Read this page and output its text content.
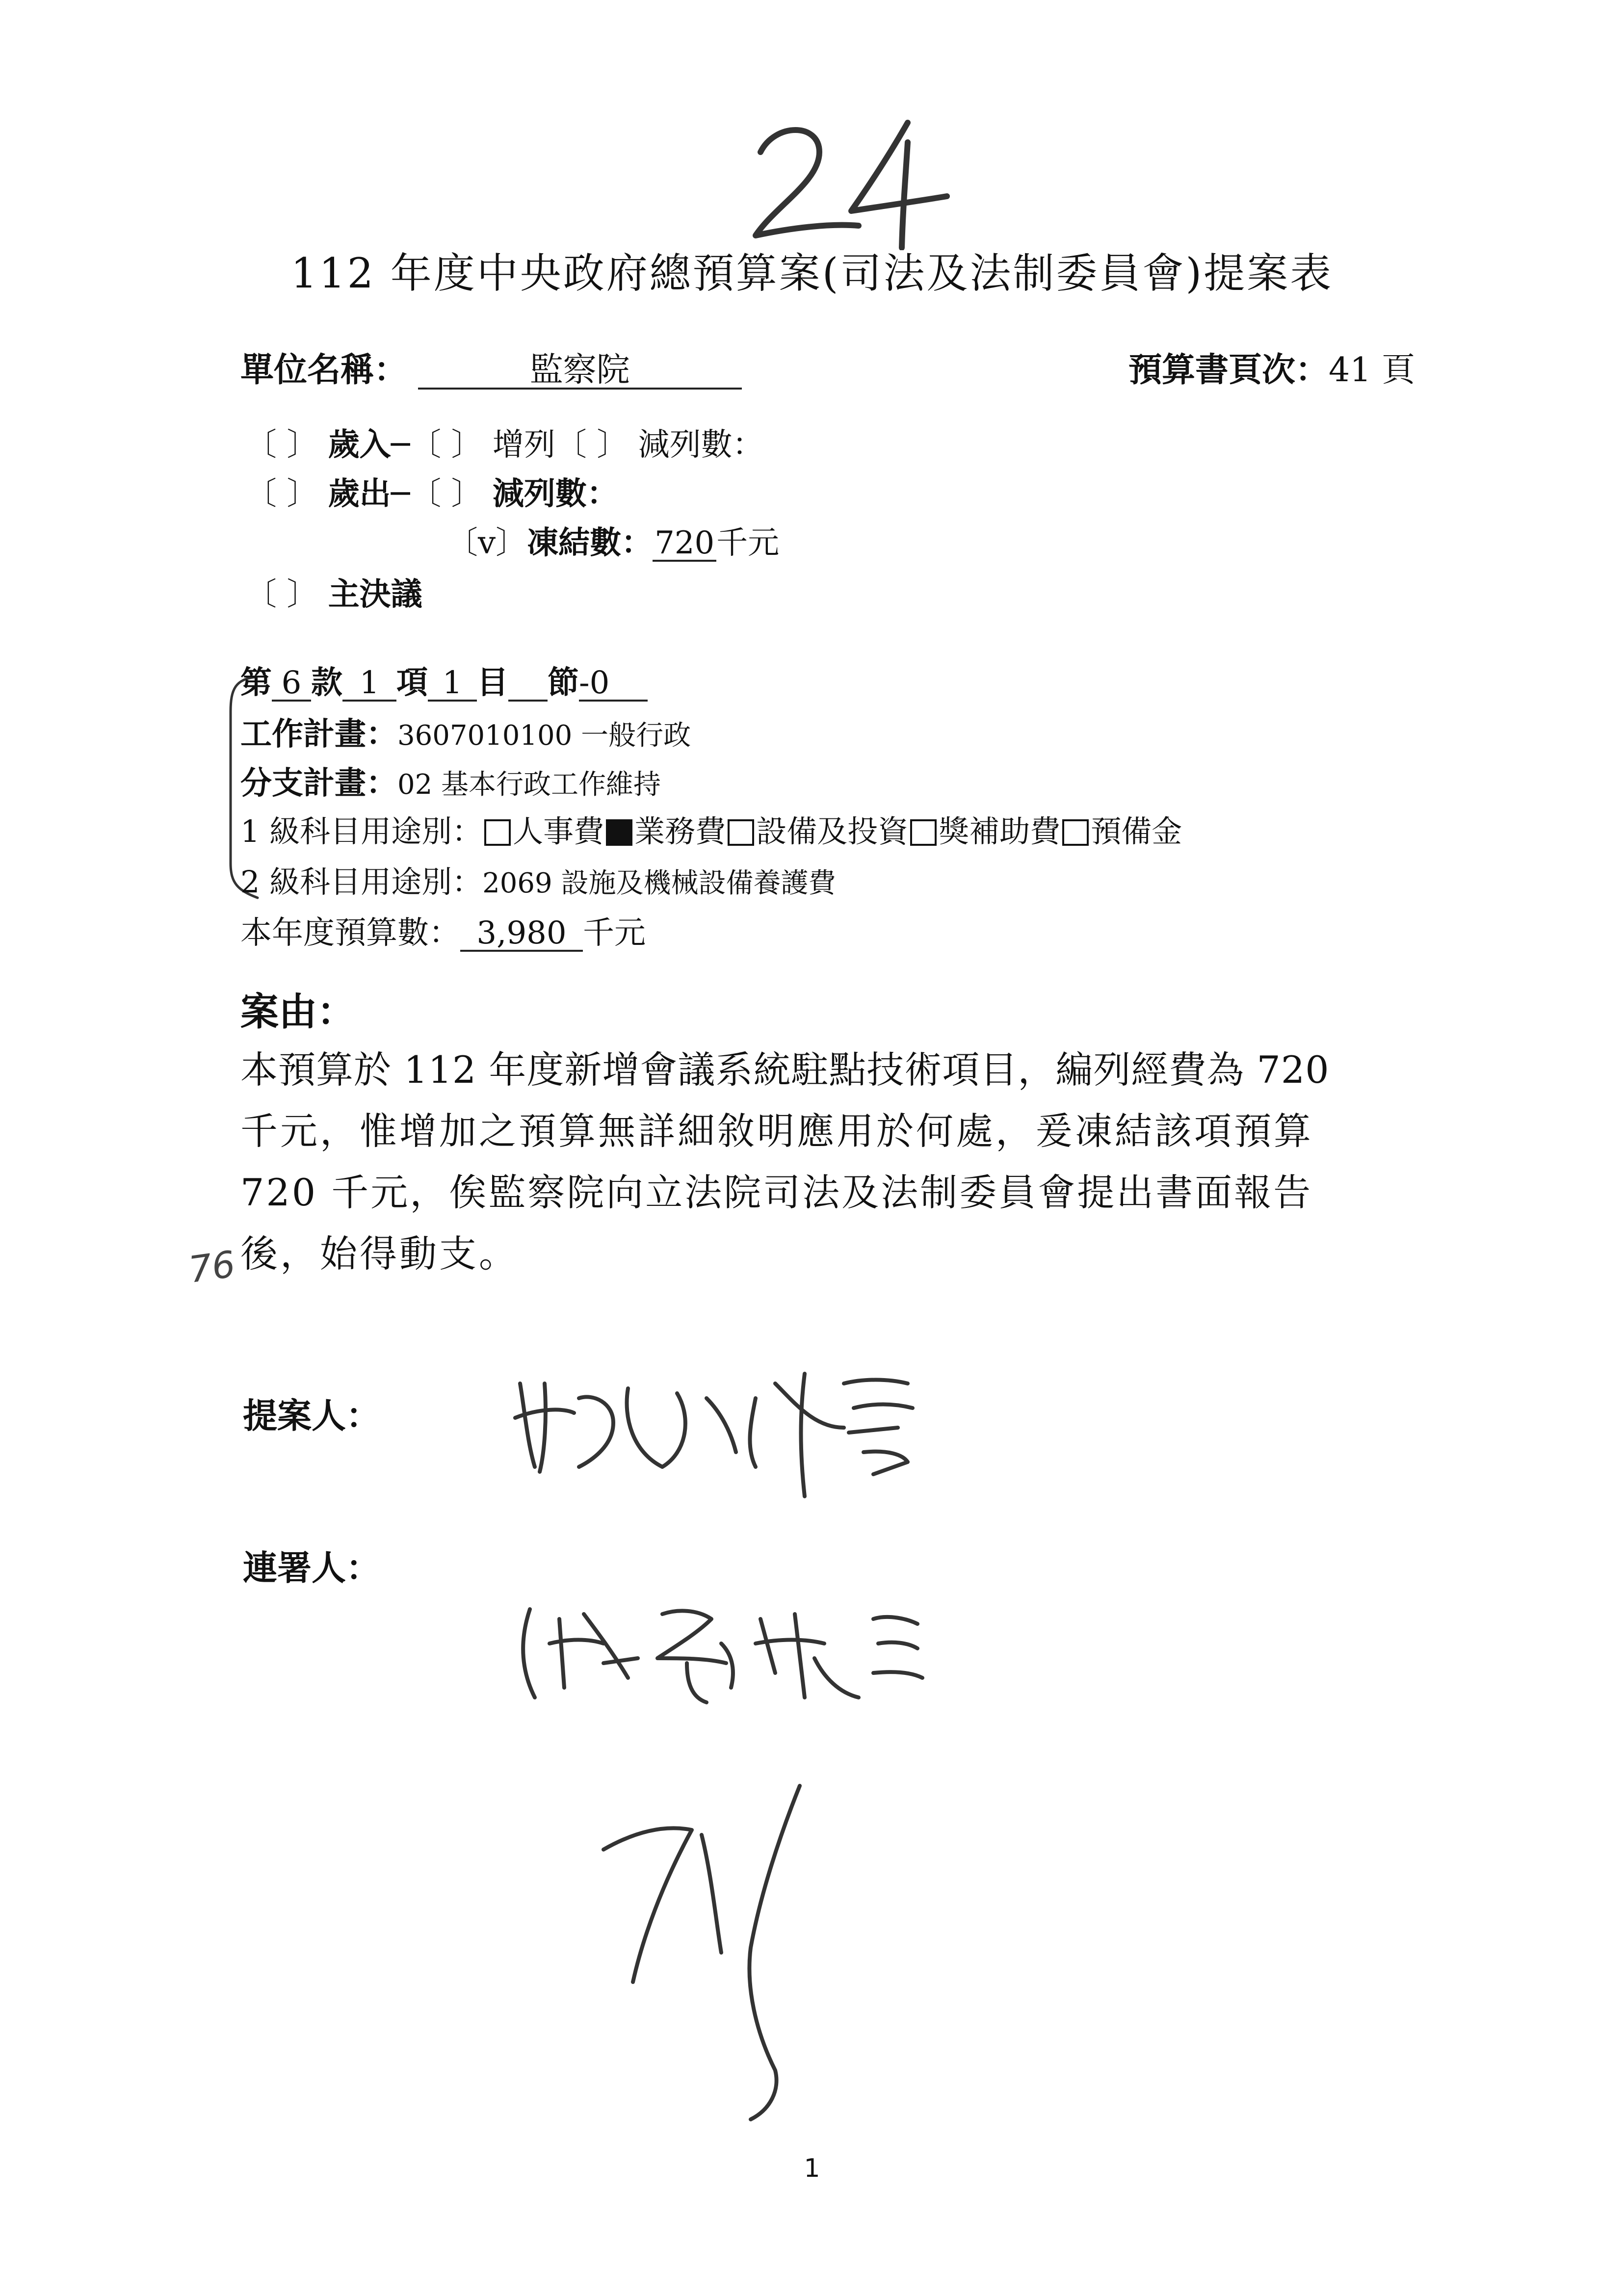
112 年度中央政府總預算案(司法及法制委員會)提案表
單位名稱：	監察院	預算書頁次：41 頁
〔 〕 歲入─〔 〕 增列〔 〕 減列數：
〔 〕 歲出─〔 〕 減列數：
〔v〕凍結數：720千元
〔 〕 主決議
第 6 款 1 項 1 目 節-0
工作計畫：3607010100 一般行政
分支計畫：02 基本行政工作維持
1 級科目用途別： 人事費 業務費 設備及投資 獎補助費 預備金
2 級科目用途別：2069 設施及機械設備養護費
本年度預算數： 3,980 千元
案由：
本預算於 112 年度新增會議系統駐點技術項目，編列經費為 720
千元，惟增加之預算無詳細敘明應用於何處，爰凍結該項預算
720 千元，俟監察院向立法院司法及法制委員會提出書面報告
後，始得動支。
76
提案人：
連署人：
1
